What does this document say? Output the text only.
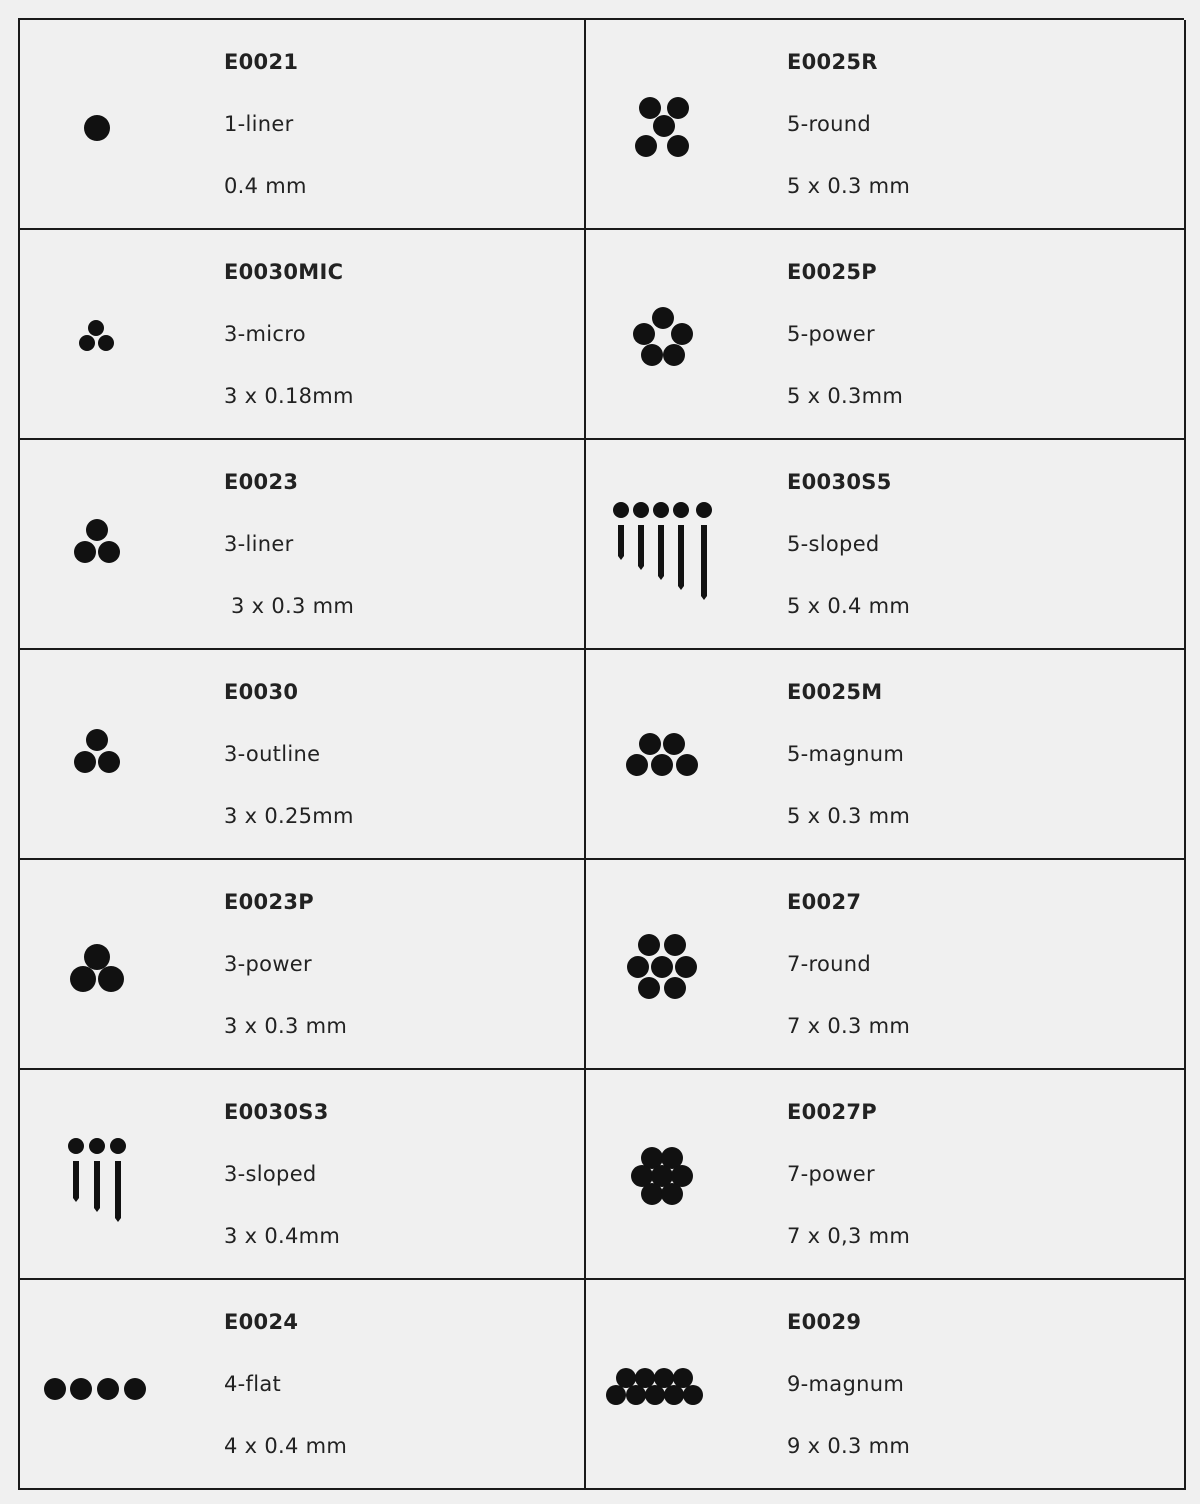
E0021
1-liner
0.4 mm
E0025R
5-round
5 x 0.3 mm
E0030MIC
3-micro
3 x 0.18mm
E0025P
5-power
5 x 0.3mm
E0023
3-liner
3 x 0.3 mm
E0030S5
5-sloped
5 x 0.4 mm
E0030
3-outline
3 x 0.25mm
E0025M
5-magnum
5 x 0.3 mm
E0023P
3-power
3 x 0.3 mm
E0027
7-round
7 x 0.3 mm
E0030S3
3-sloped
3 x 0.4mm
E0027P
7-power
7 x 0,3 mm
E0024
4-flat
4 x 0.4 mm
E0029
9-magnum
9 x 0.3 mm
